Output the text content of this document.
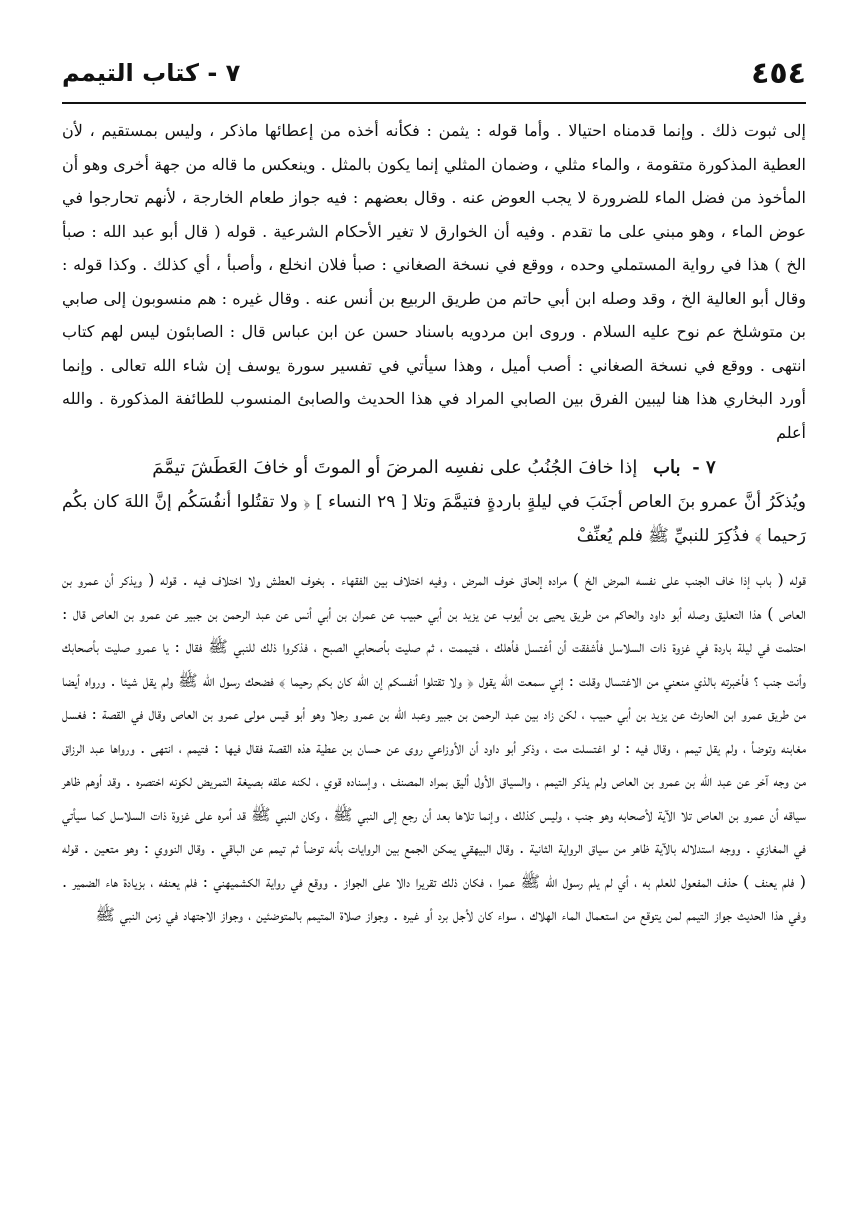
٤٥٤
٧ - كتاب التيمم

إلى ثبوت ذلك . وإنما قدمناه احتيالا . وأما قوله : يثمن : فكأنه أخذه من إعطائها ماذكر ، وليس بمستقيم ، لأن العطية المذكورة متقومة ، والماء مثلي ، وضمان المثلي إنما يكون بالمثل . وينعكس ما قاله من جهة أخرى وهو أن المأخوذ من فضل الماء للضرورة لا يجب العوض عنه . وقال بعضهم : فيه جواز طعام الخارجة ، لأنهم تحارجوا في عوض الماء ، وهو مبني على ما تقدم . وفيه أن الخوارق لا تغير الأحكام الشرعية . قوله ( قال أبو عبد الله : صبأ الخ ) هذا في رواية المستملي وحده ، ووقع في نسخة الصغاني : صبأ فلان انخلع ، وأصبأ ، أي كذلك . وكذا قوله : وقال أبو العالية الخ ، وقد وصله ابن أبي حاتم من طريق الربيع بن أنس عنه . وقال غيره : هم منسوبون إلى صابي بن متوشلخ عم نوح عليه السلام . وروى ابن مردويه باسناد حسن عن ابن عباس قال : الصابئون ليس لهم كتاب انتهى . ووقع في نسخة الصغاني : أصب أميل ، وهذا سيأتي في تفسير سورة يوسف إن شاء الله تعالى . وإنما أورد البخاري هذا هنا ليبين الفرق بين الصابي المراد في هذا الحديث والصابئ المنسوب للطائفة المذكورة . والله أعلم

٧ - باب إذا خافَ الجُنُبُ على نفسِه المرضَ أو الموتَ أو خافَ العَطَشَ تيمَّمَ
ويُذكَرُ أنَّ عمرو بنَ العاص أجنَبَ في ليلةٍ باردةٍ فتيمَّمَ وتلا [ ٢٩ النساء ] ﴿ ولا تقتُلوا أنفُسَكُم إنَّ اللهَ كان بكُم رَحيما ﴾ فذُكِرَ للنبيِّ ﷺ فلم يُعنِّفْ

قوله ( باب إذا خاف الجنب على نفسه المرض الخ ) مراده إلحاق خوف المرض ، وفيه اختلاف بين الفقهاء . بخوف العطش ولا اختلاف فيه . قوله ( ويذكر أن عمرو بن العاص ) هذا التعليق وصله أبو داود والحاكم من طريق يحيى بن أيوب عن يزيد بن أبي حبيب عن عمران بن أبي أنس عن عبد الرحمن بن جبير عن عمرو بن العاص قال : احتلمت في ليلة باردة في غزوة ذات السلاسل فأشفقت أن أغتسل فأهلك ، فتيممت ، ثم صليت بأصحابي الصبح ، فذكروا ذلك للنبي ﷺ فقال : يا عمرو صليت بأصحابك وأنت جنب ؟ فأخبرته بالذي منعني من الاغتسال وقلت : إني سمعت الله يقول ﴿ ولا تقتلوا أنفسكم إن الله كان بكم رحيما ﴾ فضحك رسول الله ﷺ ولم يقل شيئا . ورواه أيضا من طريق عمرو ابن الحارث عن يزيد بن أبي حبيب ، لكن زاد بين عبد الرحمن بن جبير وعبد الله بن عمرو رجلا وهو أبو قيس مولى عمرو بن العاص وقال في القصة : فغسل مغابنه وتوضأ ، ولم يقل تيمم ، وقال فيه : لو اغتسلت مت ، وذكر أبو داود أن الأوزاعي روى عن حسان بن عطية هذه القصة فقال فيها : فتيمم ، انتهى . ورواها عبد الرزاق من وجه آخر عن عبد الله بن عمرو بن العاص ولم يذكر التيمم ، والسياق الأول أليق بمراد المصنف ، وإسناده قوي ، لكنه علقه بصيغة التمريض لكونه اختصره . وقد أوهم ظاهر سياقه أن عمرو بن العاص تلا الآية لأصحابه وهو جنب ، وليس كذلك ، وإنما تلاها بعد أن رجع إلى النبي ﷺ ، وكان النبي ﷺ قد أمره على غزوة ذات السلاسل كما سيأتي في المغازي . ووجه استدلاله بالآية ظاهر من سياق الرواية الثانية . وقال البيهقي يمكن الجمع بين الروايات بأنه توضأ ثم تيمم عن الباقي . وقال النووي : وهو متعين . قوله ( فلم يعنف ) حذف المفعول للعلم به ، أي لم يلم رسول الله ﷺ عمرا ، فكان ذلك تقريرا دالا على الجواز . ووقع في رواية الكشميهني : فلم يعنفه ، بزيادة هاء الضمير . وفي هذا الحديث جواز التيمم لمن يتوقع من استعمال الماء الهلاك ، سواء كان لأجل برد أو غيره . وجواز صلاة المتيمم بالمتوضئين ، وجواز الاجتهاد في زمن النبي ﷺ
